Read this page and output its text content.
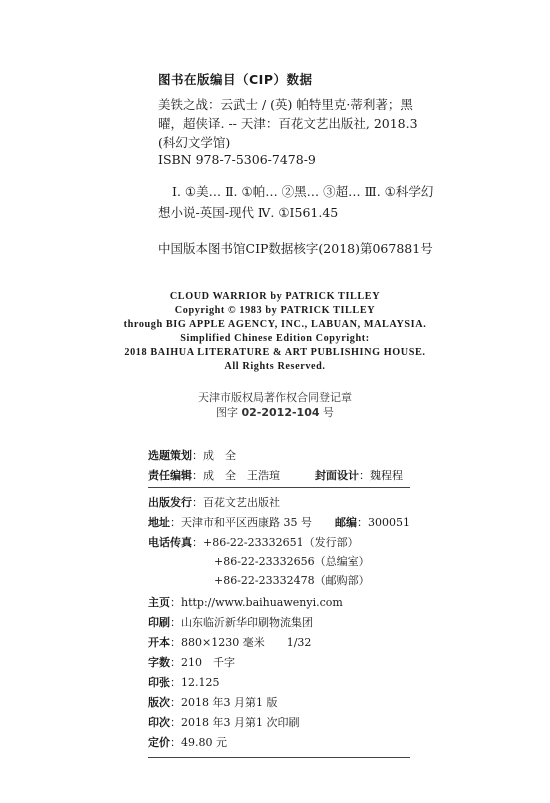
图书在版编目（CIP）数据
美铁之战：云武士 / (英) 帕特里克·蒂利著；黑
曜，超侠译. -- 天津：百花文艺出版社, 2018.3
(科幻文学馆)
ISBN 978-7-5306-7478-9
Ⅰ. ①美… Ⅱ. ①帕… ②黑… ③超… Ⅲ. ①科学幻
想小说-英国-现代 Ⅳ. ①I561.45
中国版本图书馆CIP数据核字(2018)第067881号
CLOUD WARRIOR by PATRICK TILLEY
Copyright © 1983 by PATRICK TILLEY
through BIG APPLE AGENCY, INC., LABUAN, MALAYSIA.
Simplified Chinese Edition Copyright:
2018 BAIHUA LITERATURE & ART PUBLISHING HOUSE.
All Rights Reserved.
天津市版权局著作权合同登记章
图字 02-2012-104 号
选题策划：成　全
责任编辑：成　全　王浩瑄	封面设计：魏程程
出版发行：百花文艺出版社
地址：天津市和平区西康路 35 号 邮编：300051
电话传真：+86-22-23332651（发行部）
+86-22-23332656（总编室）
+86-22-23332478（邮购部）
主页：http://www.baihuawenyi.com
印刷：山东临沂新华印刷物流集团
开本：880×1230 毫米　　1/32
字数：210　千字
印张：12.125
版次：2018 年3 月第1 版
印次：2018 年3 月第1 次印刷
定价：49.80 元
